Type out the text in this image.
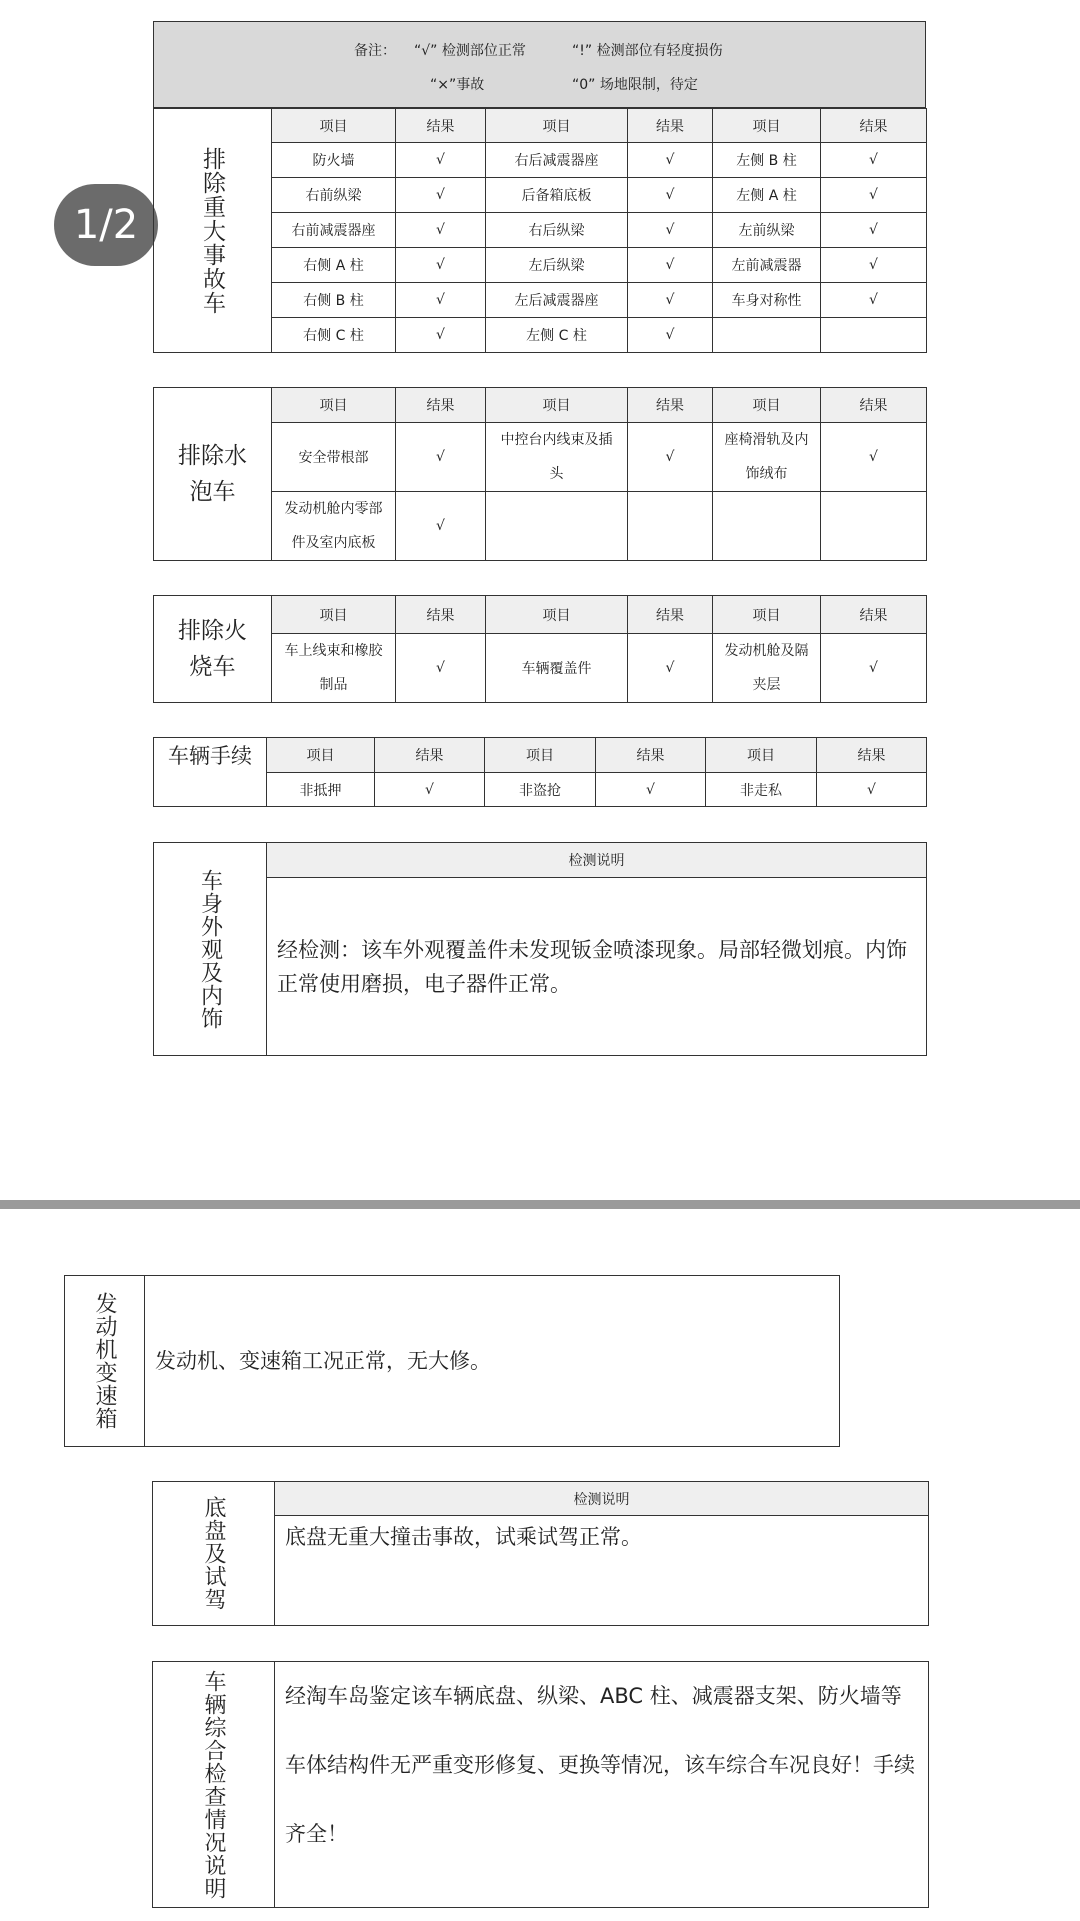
备注： “√” 检测部位正常	“!” 检测部位有轻度损伤
“×”事故	“0” 场地限制，待定
1/2	排除重大事故车	项目	结果	项目	结果	项目	结果
	防火墙	√	右后减震器座	√	左侧 B 柱	√
	右前纵梁	√	后备箱底板	√	左侧 A 柱	√
	右前减震器座	√	右后纵梁	√	左前纵梁	√
	右侧 A 柱	√	左后纵梁	√	左前减震器	√
	右侧 B 柱	√	左后减震器座	√	车身对称性	√
	右侧 C 柱	√	左侧 C 柱	√		
排除水泡车	项目	结果	项目	结果	项目	结果
	安全带根部	√	中控台内线束及插头	√	座椅滑轨及内饰绒布	√
	发动机舱内零部件及室内底板	√				
排除火烧车	项目	结果	项目	结果	项目	结果
	车上线束和橡胶制品	√	车辆覆盖件	√	发动机舱及隔夹层	√
车辆手续	项目	结果	项目	结果	项目	结果
	非抵押	√	非盗抢	√	非走私	√
车身外观及内饰
	检测说明
经检测：该车外观覆盖件未发现钣金喷漆现象。局部轻微划痕。内饰正常使用磨损，电子器件正常。
发动机变速箱	发动机、变速箱工况正常，无大修。
底盘及试驾	检测说明
底盘无重大撞击事故，试乘试驾正常。
车辆综合检查情况说明	经淘车岛鉴定该车辆底盘、纵梁、ABC 柱、减震器支架、防火墙等车体结构件无严重变形修复、更换等情况，该车综合车况良好！手续齐全！
